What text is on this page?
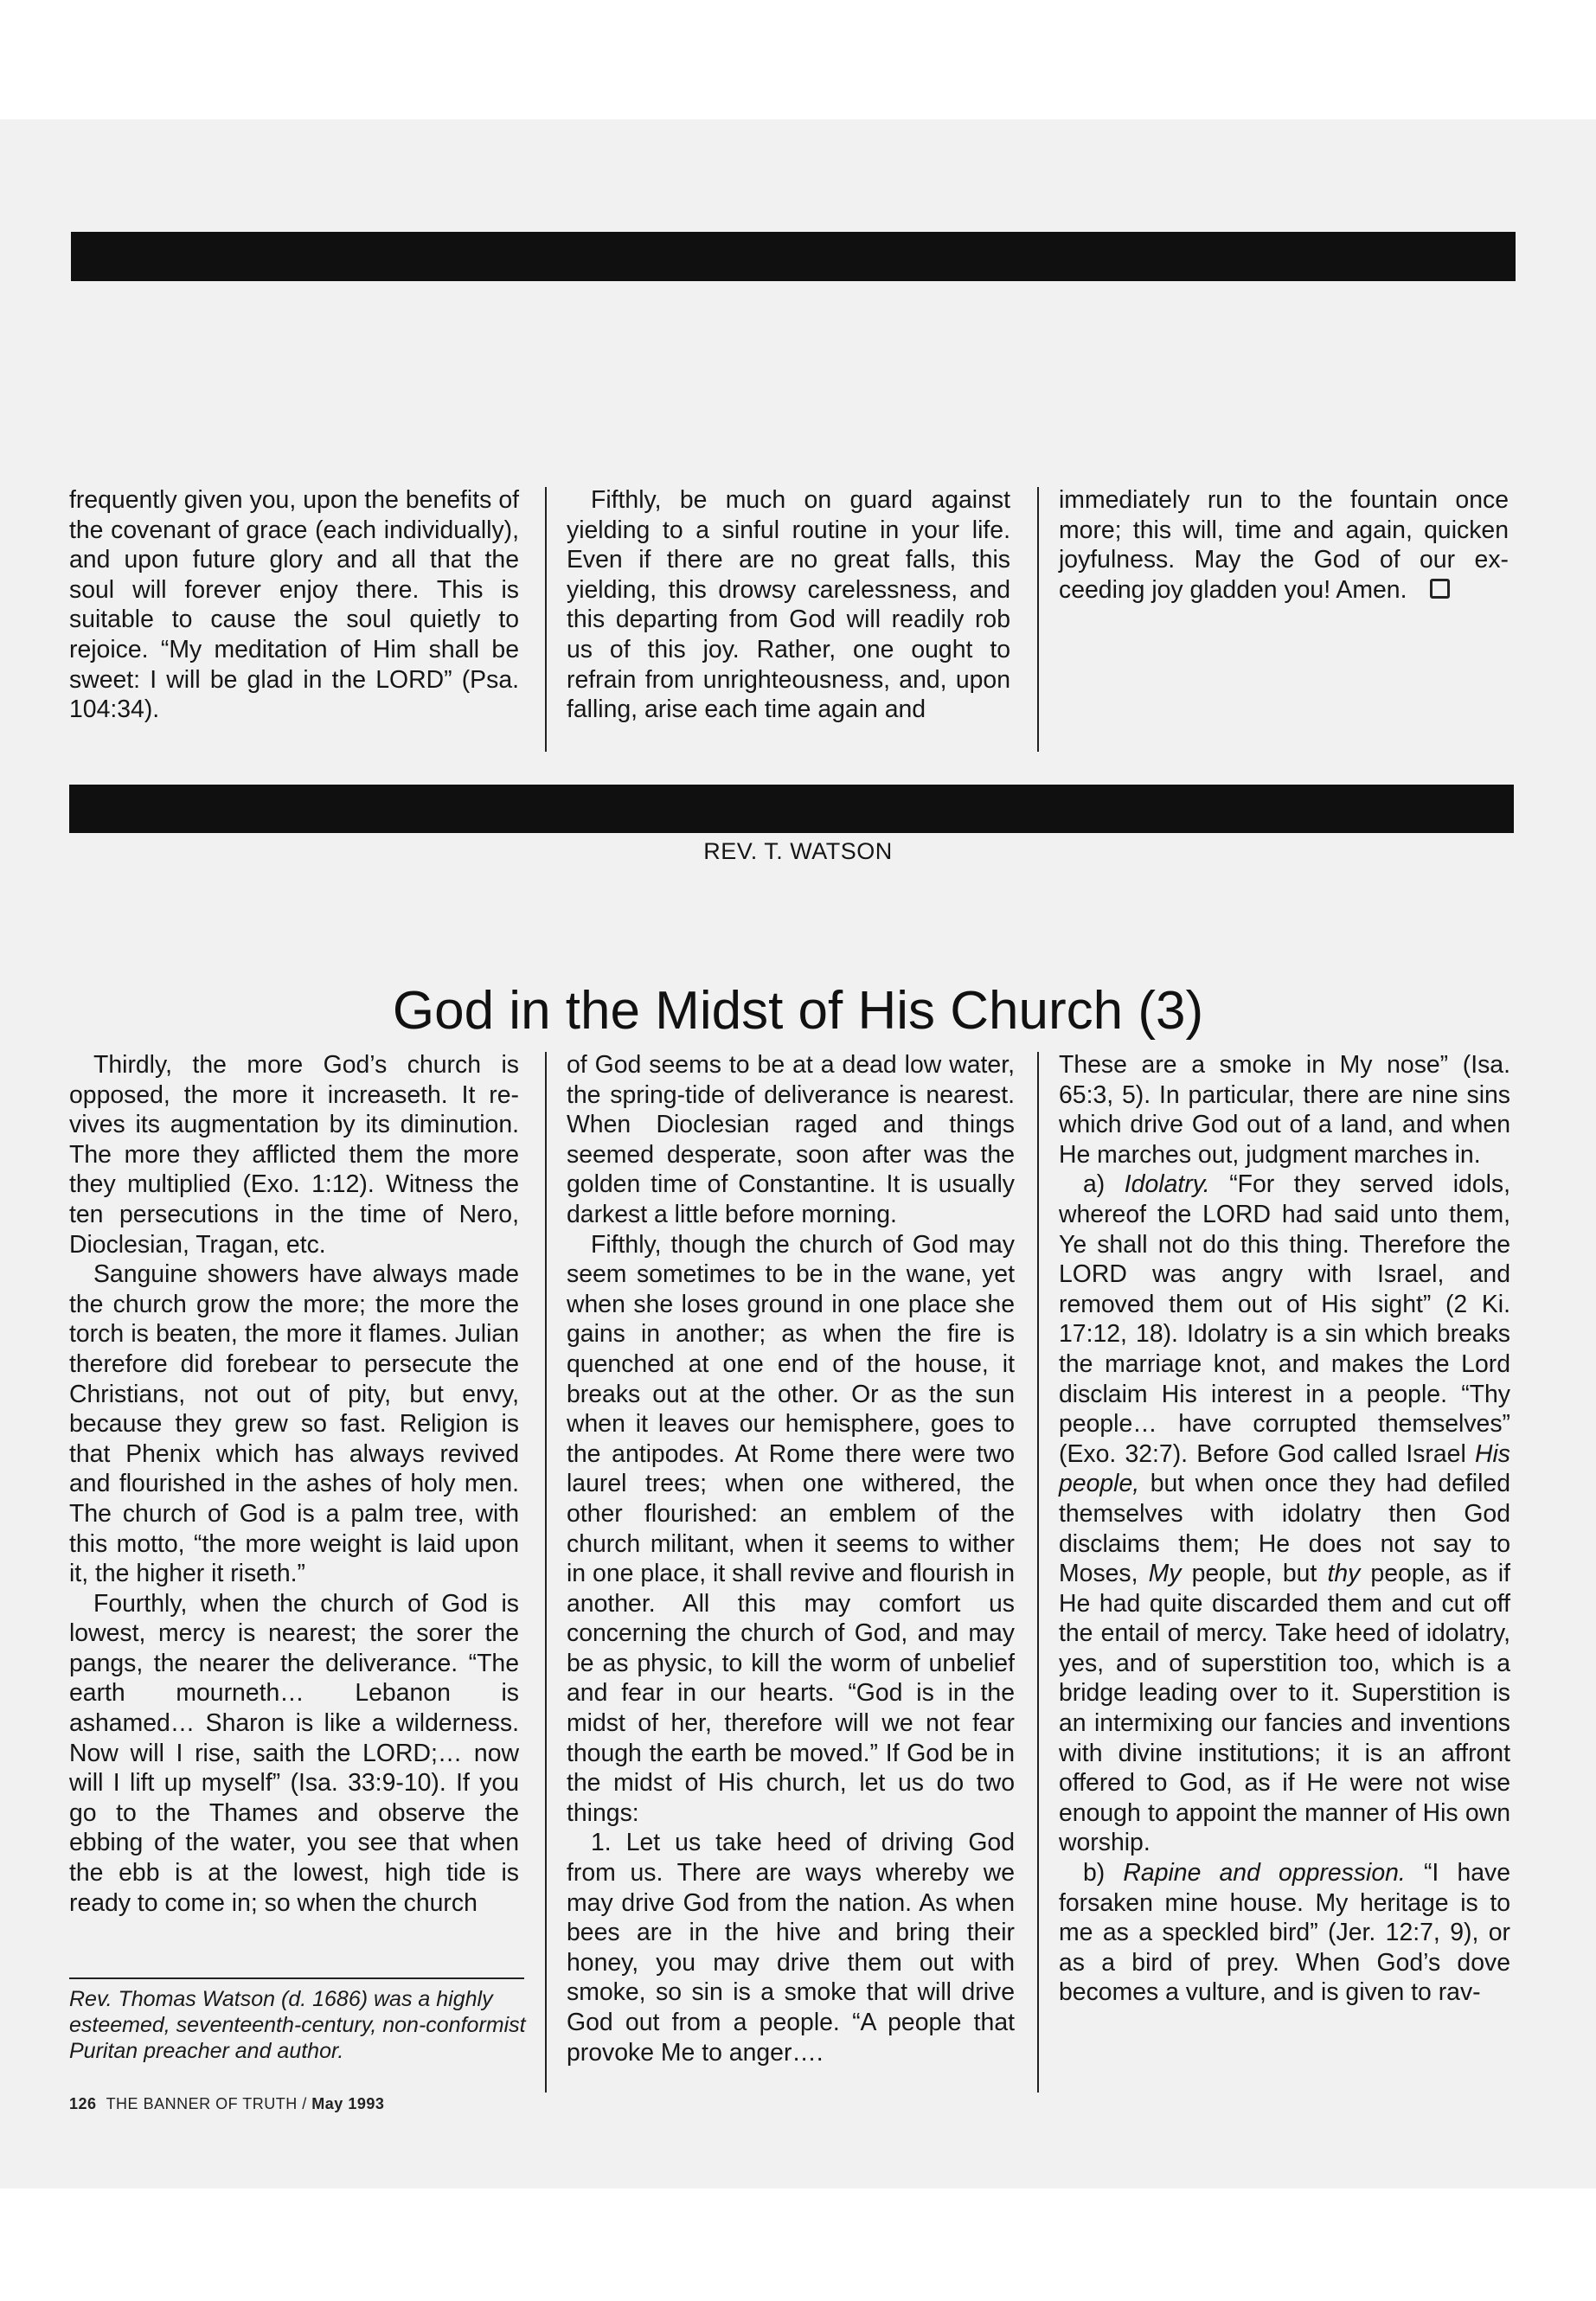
frequently given you, upon the benefits of the covenant of grace (each individually), and upon future glory and all that the soul will forever enjoy there. This is suitable to cause the soul quietly to rejoice. “My meditation of Him shall be sweet: I will be glad in the LORD” (Psa. 104:34).

Fifthly, be much on guard against yielding to a sinful routine in your life. Even if there are no great falls, this yielding, this drowsy carelessness, and this departing from God will readily rob us of this joy. Rather, one ought to refrain from unrighteousness, and, upon falling, arise each time again and

immediately run to the fountain once more; this will, time and again, quicken joyfulness. May the God of our exceeding joy gladden you! Amen.

REV. T. WATSON
God in the Midst of His Church (3)

Thirdly, the more God’s church is opposed, the more it increaseth. It revives its augmentation by its diminution. The more they afflicted them the more they multiplied (Exo. 1:12). Witness the ten persecutions in the time of Nero, Dioclesian, Tragan, etc.

Sanguine showers have always made the church grow the more; the more the torch is beaten, the more it flames. Julian therefore did forebear to persecute the Christians, not out of pity, but envy, because they grew so fast. Religion is that Phenix which has always revived and flourished in the ashes of holy men. The church of God is a palm tree, with this motto, “the more weight is laid upon it, the higher it riseth.”

Fourthly, when the church of God is lowest, mercy is nearest; the sorer the pangs, the nearer the deliverance. “The earth mourneth… Lebanon is ashamed… Sharon is like a wilderness. Now will I rise, saith the LORD;… now will I lift up myself” (Isa. 33:9-10). If you go to the Thames and observe the ebbing of the water, you see that when the ebb is at the lowest, high tide is ready to come in; so when the church

Rev. Thomas Watson (d. 1686) was a highly esteemed, seventeenth-century, non-conformist Puritan preacher and author.

of God seems to be at a dead low water, the spring-tide of deliverance is nearest. When Dioclesian raged and things seemed desperate, soon after was the golden time of Constantine. It is usually darkest a little before morning.

Fifthly, though the church of God may seem sometimes to be in the wane, yet when she loses ground in one place she gains in another; as when the fire is quenched at one end of the house, it breaks out at the other. Or as the sun when it leaves our hemisphere, goes to the antipodes. At Rome there were two laurel trees; when one withered, the other flourished: an emblem of the church militant, when it seems to wither in one place, it shall revive and flourish in another. All this may comfort us concerning the church of God, and may be as physic, to kill the worm of unbelief and fear in our hearts. “God is in the midst of her, therefore will we not fear though the earth be moved.” If God be in the midst of His church, let us do two things:

1. Let us take heed of driving God from us. There are ways whereby we may drive God from the nation. As when bees are in the hive and bring their honey, you may drive them out with smoke, so sin is a smoke that will drive God out from a people. “A people that provoke Me to anger….

These are a smoke in My nose” (Isa. 65:3, 5). In particular, there are nine sins which drive God out of a land, and when He marches out, judgment marches in.

a) Idolatry. “For they served idols, whereof the LORD had said unto them, Ye shall not do this thing. Therefore the LORD was angry with Israel, and removed them out of His sight” (2 Ki. 17:12, 18). Idolatry is a sin which breaks the marriage knot, and makes the Lord disclaim His interest in a people. “Thy people… have corrupted themselves” (Exo. 32:7). Before God called Israel His people, but when once they had defiled themselves with idolatry then God disclaims them; He does not say to Moses, My people, but thy people, as if He had quite discarded them and cut off the entail of mercy. Take heed of idolatry, yes, and of superstition too, which is a bridge leading over to it. Superstition is an intermixing our fancies and inventions with divine institutions; it is an affront offered to God, as if He were not wise enough to appoint the manner of His own worship.

b) Rapine and oppression. “I have forsaken mine house. My heritage is to me as a speckled bird” (Jer. 12:7, 9), or as a bird of prey. When God’s dove becomes a vulture, and is given to rav-

126 THE BANNER OF TRUTH / May 1993
